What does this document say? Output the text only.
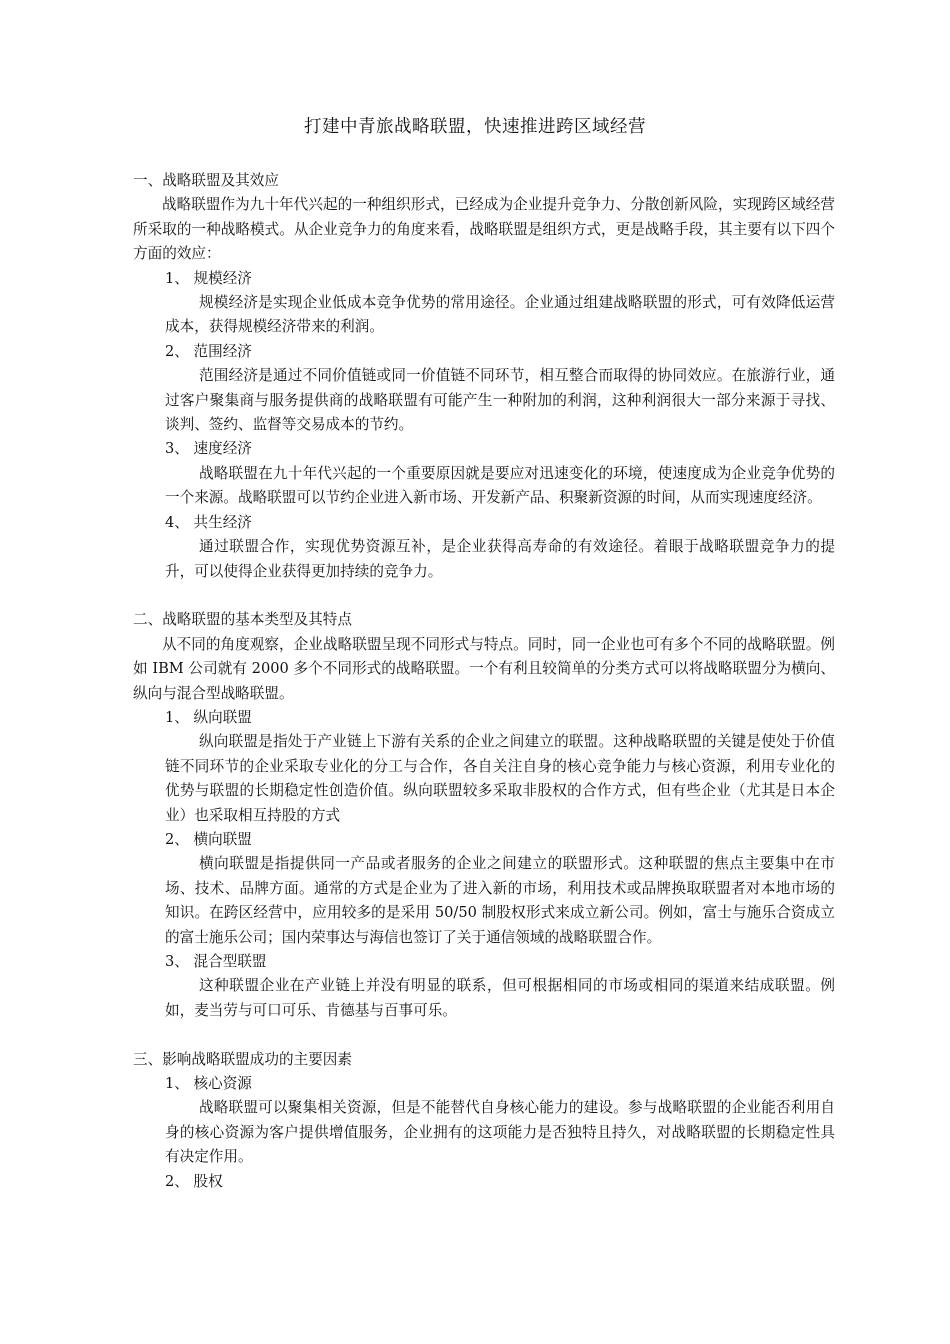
打建中青旅战略联盟，快速推进跨区域经营

一、战略联盟及其效应

战略联盟作为九十年代兴起的一种组织形式，已经成为企业提升竞争力、分散创新风险，实现跨区域经营所采取的一种战略模式。从企业竞争力的角度来看，战略联盟是组织方式，更是战略手段，其主要有以下四个方面的效应：

1、 规模经济

规模经济是实现企业低成本竞争优势的常用途径。企业通过组建战略联盟的形式，可有效降低运营成本，获得规模经济带来的利润。

2、 范围经济

范围经济是通过不同价值链或同一价值链不同环节，相互整合而取得的协同效应。在旅游行业，通过客户聚集商与服务提供商的战略联盟有可能产生一种附加的利润，这种利润很大一部分来源于寻找、谈判、签约、监督等交易成本的节约。

3、 速度经济

战略联盟在九十年代兴起的一个重要原因就是要应对迅速变化的环境，使速度成为企业竞争优势的一个来源。战略联盟可以节约企业进入新市场、开发新产品、积聚新资源的时间，从而实现速度经济。

4、 共生经济

通过联盟合作，实现优势资源互补，是企业获得高寿命的有效途径。着眼于战略联盟竞争力的提升，可以使得企业获得更加持续的竞争力。

二、战略联盟的基本类型及其特点

从不同的角度观察，企业战略联盟呈现不同形式与特点。同时，同一企业也可有多个不同的战略联盟。例如 IBM 公司就有 2000 多个不同形式的战略联盟。一个有利且较简单的分类方式可以将战略联盟分为横向、纵向与混合型战略联盟。

1、 纵向联盟

纵向联盟是指处于产业链上下游有关系的企业之间建立的联盟。这种战略联盟的关键是使处于价值链不同环节的企业采取专业化的分工与合作，各自关注自身的核心竞争能力与核心资源，利用专业化的优势与联盟的长期稳定性创造价值。纵向联盟较多采取非股权的合作方式，但有些企业（尤其是日本企业）也采取相互持股的方式

2、 横向联盟

横向联盟是指提供同一产品或者服务的企业之间建立的联盟形式。这种联盟的焦点主要集中在市场、技术、品牌方面。通常的方式是企业为了进入新的市场，利用技术或品牌换取联盟者对本地市场的知识。在跨区经营中，应用较多的是采用 50/50 制股权形式来成立新公司。例如，富士与施乐合资成立的富士施乐公司；国内荣事达与海信也签订了关于通信领域的战略联盟合作。

3、 混合型联盟

这种联盟企业在产业链上并没有明显的联系，但可根据相同的市场或相同的渠道来结成联盟。例如，麦当劳与可口可乐、肯德基与百事可乐。

三、影响战略联盟成功的主要因素

1、 核心资源

战略联盟可以聚集相关资源，但是不能替代自身核心能力的建设。参与战略联盟的企业能否利用自身的核心资源为客户提供增值服务，企业拥有的这项能力是否独特且持久，对战略联盟的长期稳定性具有决定作用。

2、 股权
